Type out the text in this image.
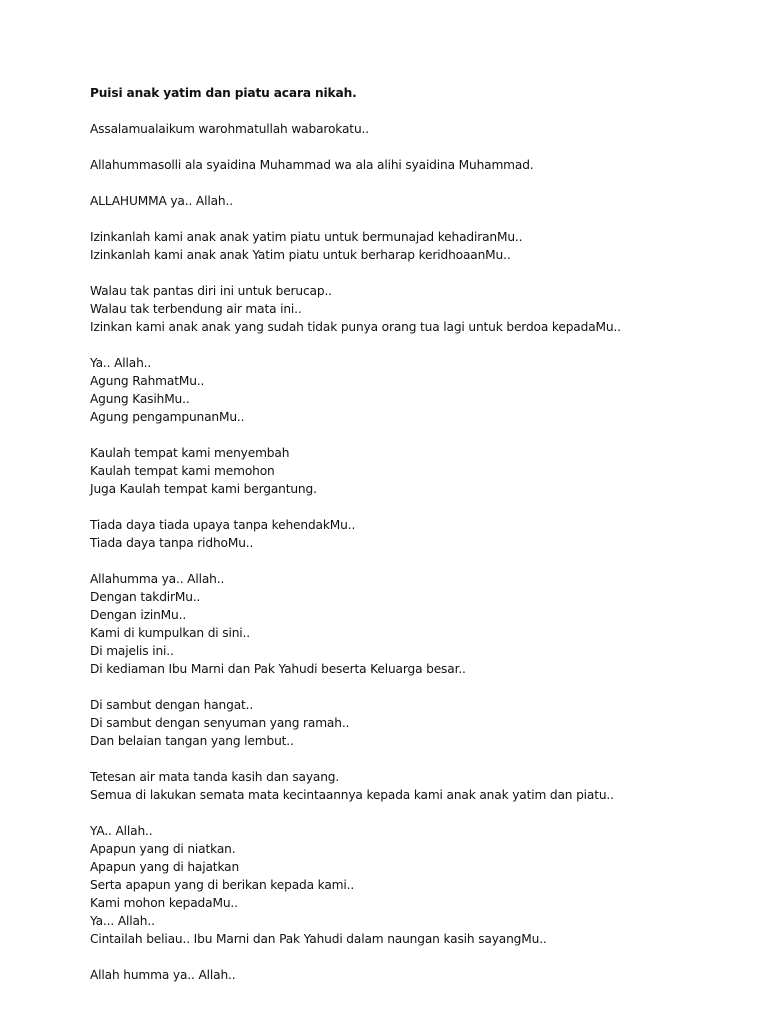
Puisi anak yatim dan piatu acara nikah.

Assalamualaikum warohmatullah wabarokatu..

Allahummasolli ala syaidina Muhammad wa ala alihi syaidina Muhammad.

ALLAHUMMA ya.. Allah..

Izinkanlah kami anak anak yatim piatu untuk bermunajad kehadiranMu..
Izinkanlah kami anak anak Yatim piatu untuk berharap keridhoaanMu..

Walau tak pantas diri ini untuk berucap..
Walau tak terbendung air mata ini..
Izinkan kami anak anak yang sudah tidak punya orang tua lagi untuk berdoa kepadaMu..

Ya.. Allah..
Agung RahmatMu..
Agung KasihMu..
Agung pengampunanMu..

Kaulah tempat kami menyembah
Kaulah tempat kami memohon
Juga Kaulah tempat kami bergantung.

Tiada daya tiada upaya tanpa kehendakMu..
Tiada daya tanpa ridhoMu..

Allahumma ya.. Allah..
Dengan takdirMu..
Dengan izinMu..
Kami di kumpulkan di sini..
Di majelis ini..
Di kediaman Ibu Marni dan Pak Yahudi beserta Keluarga besar..

Di sambut dengan hangat..
Di sambut dengan senyuman yang ramah..
Dan belaian tangan yang lembut..

Tetesan air mata tanda kasih dan sayang.
Semua di lakukan semata mata kecintaannya kepada kami anak anak yatim dan piatu..

YA.. Allah..
Apapun yang di niatkan.
Apapun yang di hajatkan
Serta apapun yang di berikan kepada kami..
Kami mohon kepadaMu..
Ya... Allah..
Cintailah beliau.. Ibu Marni dan Pak Yahudi dalam naungan kasih sayangMu..

Allah humma ya.. Allah..
